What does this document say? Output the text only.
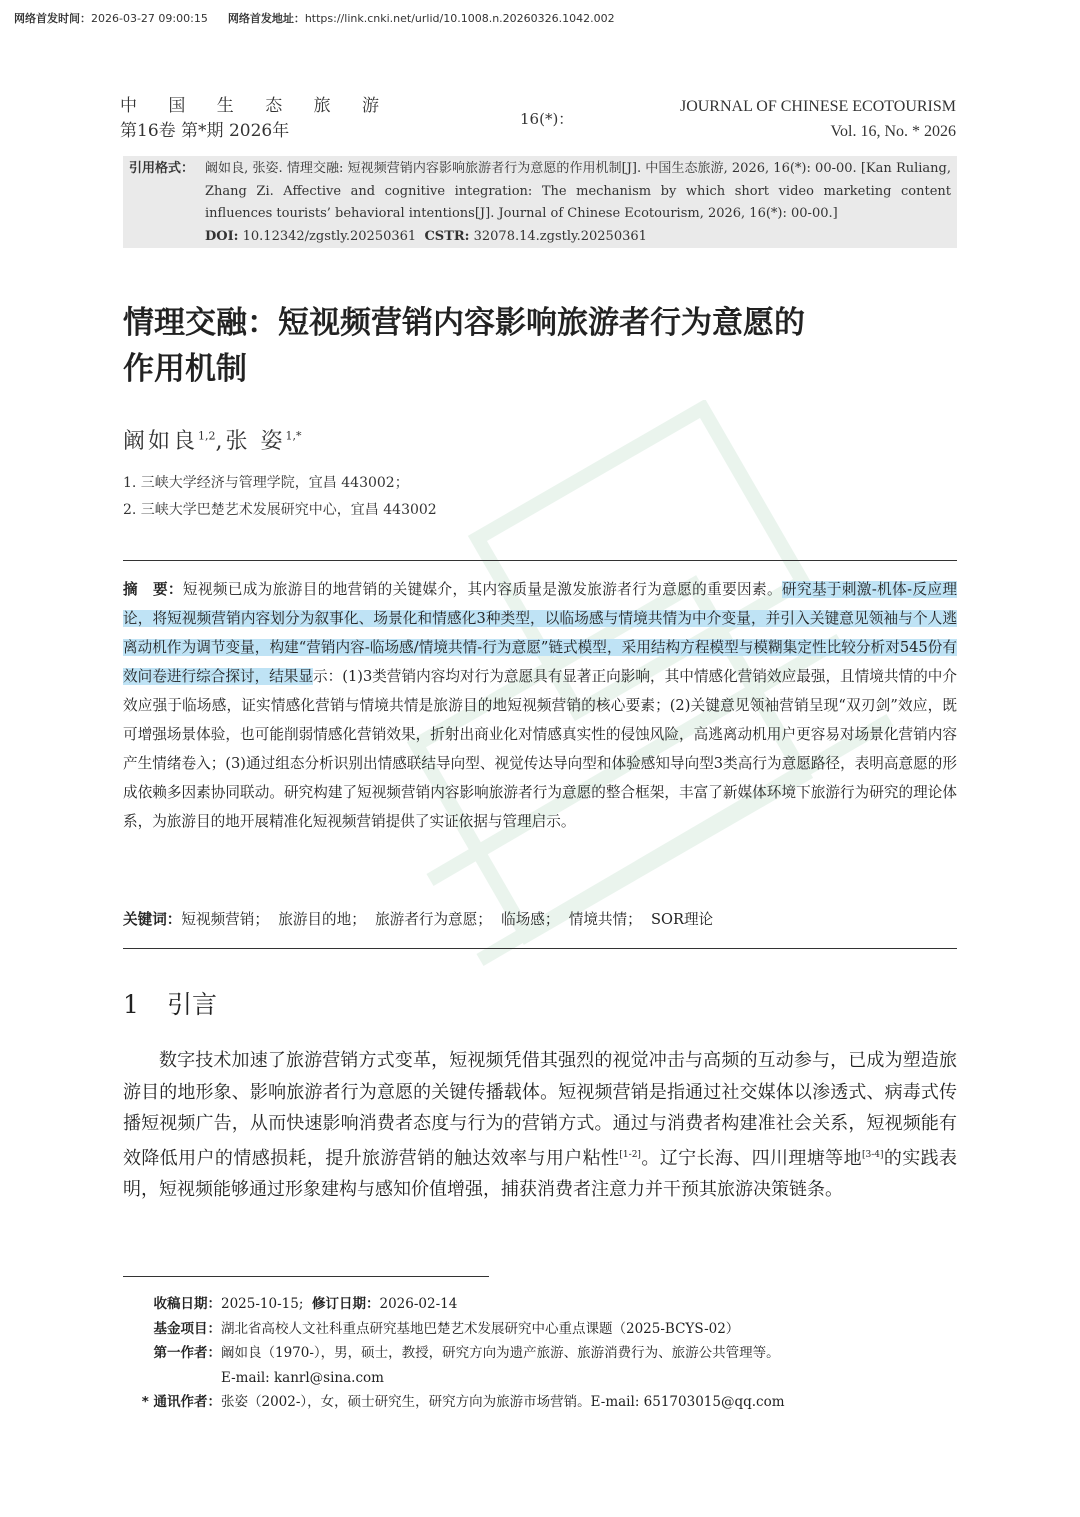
网络首发时间：2026-03-27 09:00:15 网络首发地址：https://link.cnki.net/urlid/10.1008.n.20260326.1042.002
中 国 生 态 旅 游
第16卷 第*期 2026年
16(*)：
JOURNAL OF CHINESE ECOTOURISM
Vol. 16, No. * 2026
引用格式： 阚如良, 张姿. 情理交融: 短视频营销内容影响旅游者行为意愿的作用机制[J]. 中国生态旅游, 2026, 16(*): 00-00. [Kan Ruliang, Zhang Zi. Affective and cognitive integration: The mechanism by which short video marketing content influences tourists’ behavioral intentions[J]. Journal of Chinese Ecotourism, 2026, 16(*): 00-00.]
DOI: 10.12342/zgstly.20250361 CSTR: 32078.14.zgstly.20250361
情理交融：短视频营销内容影响旅游者行为意愿的
作用机制
阚如良$^{1,2}$,张 姿$^{1,*}$
1. 三峡大学经济与管理学院，宜昌 443002；
2. 三峡大学巴楚艺术发展研究中心，宜昌 443002
摘　要：短视频已成为旅游目的地营销的关键媒介，其内容质量是激发旅游者行为意愿的重要因素。研究基于刺激-机体-反应理论，将短视频营销内容划分为叙事化、场景化和情感化3种类型，以临场感与情境共情为中介变量，并引入关键意见领袖与个人逃离动机作为调节变量，构建“营销内容-临场感/情境共情-行为意愿”链式模型，采用结构方程模型与模糊集定性比较分析对545份有效问卷进行综合探讨，结果显示：(1)3类营销内容均对行为意愿具有显著正向影响，其中情感化营销效应最强，且情境共情的中介效应强于临场感，证实情感化营销与情境共情是旅游目的地短视频营销的核心要素；(2)关键意见领袖营销呈现“双刃剑”效应，既可增强场景体验，也可能削弱情感化营销效果，折射出商业化对情感真实性的侵蚀风险，高逃离动机用户更容易对场景化营销内容产生情绪卷入；(3)通过组态分析识别出情感联结导向型、视觉传达导向型和体验感知导向型3类高行为意愿路径，表明高意愿的形成依赖多因素协同联动。研究构建了短视频营销内容影响旅游者行为意愿的整合框架，丰富了新媒体环境下旅游行为研究的理论体系，为旅游目的地开展精准化短视频营销提供了实证依据与管理启示。
关键词：短视频营销；  旅游目的地；  旅游者行为意愿；  临场感；  情境共情；  SOR理论
1 引言
数字技术加速了旅游营销方式变革，短视频凭借其强烈的视觉冲击与高频的互动参与，已成为塑造旅游目的地形象、影响旅游者行为意愿的关键传播载体。短视频营销是指通过社交媒体以渗透式、病毒式传播短视频广告，从而快速影响消费者态度与行为的营销方式。通过与消费者构建准社会关系，短视频能有效降低用户的情感损耗，提升旅游营销的触达效率与用户粘性[1-2]。辽宁长海、四川理塘等地[3-4]的实践表明，短视频能够通过形象建构与感知价值增强，捕获消费者注意力并干预其旅游决策链条。
收稿日期： 2025-10-15; 修订日期：2026-02-14
基金项目： 湖北省高校人文社科重点研究基地巴楚艺术发展研究中心重点课题（2025-BCYS-02）
第一作者： 阚如良（1970-），男，硕士，教授，研究方向为遗产旅游、旅游消费行为、旅游公共管理等。
E-mail: kanrl@sina.com
* 通讯作者： 张姿（2002-），女，硕士研究生，研究方向为旅游市场营销。E-mail: 651703015@qq.com
